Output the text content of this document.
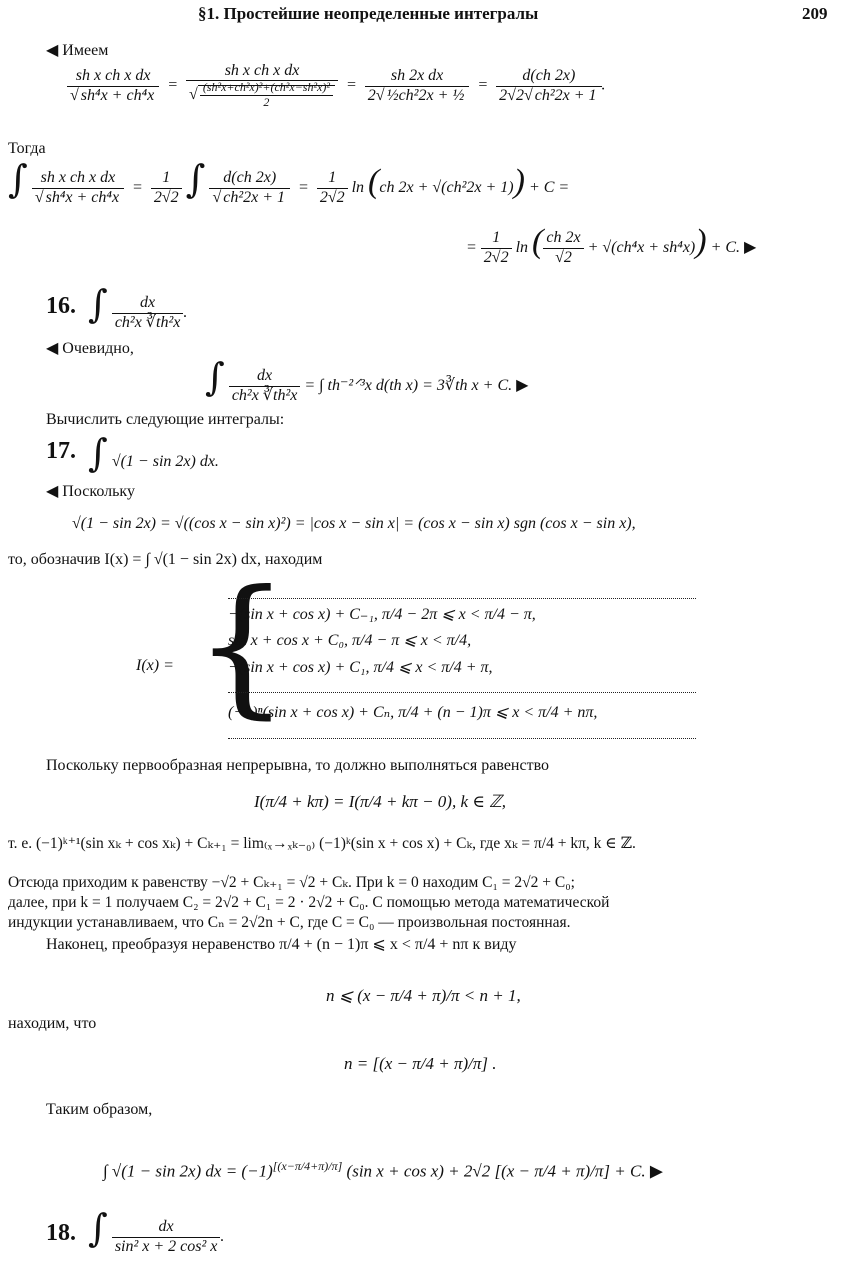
§1. Простейшие неопределенные интегралы	209
◀ Имеем
$\frac{\text{sh x ch x dx}}{\text{√ sh⁴x + ch⁴x}} = \frac{\text{sh x ch x dx}}{√ \frac{\text{(sh²x+ch²x)²+(ch²x−sh²x)²}}{2}} = \frac{\text{sh 2x dx}}{\text{2√ ½ch²2x + ½}} = \frac{d(ch 2x)}{\text{2√2√ ch²2x + 1}}$ .
Тогда
∫ $\frac{\text{sh x ch x dx}}{\text{√ sh⁴x + ch⁴x}} = \frac{1}{2√2}$ ∫ $\frac{d(ch 2x)}{\text{√ ch²2x + 1}} = \frac{1}{2√2}$ ln (ch 2x + √(ch²2x + 1)) + C =
= $\frac{1}{2√2}$ ln ( $\frac{ch 2x}{√2} + √(ch^4x + sh^4x)) + C$. ▶
16. ∫ $\frac{dx}{\text{ch²x ∛th²x}}$ .
◀ Очевидно,
∫ $\frac{dx}{\text{ch²x ∛th²x}}$ = ∫ th⁻²ᐟ³x d(th x) = 3∛th x + C. ▶
Вычислить следующие интегралы:
17. ∫ √(1 − sin 2x) dx.
◀ Поскольку
√(1 − sin 2x) = √((cos x − sin x)²) = |cos x − sin x| = (cos x − sin x) sgn (cos x − sin x),
то, обозначив I(x) = ∫ √(1 − sin 2x) dx, находим
I(x) = {
−(sin x + cos x) + C₋₁, π/4 − 2π ⩽ x < π/4 − π,
sin x + cos x + C₀, π/4 − π ⩽ x < π/4,
−(sin x + cos x) + C₁, π/4 ⩽ x < π/4 + π,
(−1)ⁿ(sin x + cos x) + Cₙ, π/4 + (n − 1)π ⩽ x < π/4 + nπ,
Поскольку первообразная непрерывна, то должно выполняться равенство
I(π/4 + kπ) = I(π/4 + kπ − 0), k ∈ ℤ,
т. е. (−1)ᵏ⁺¹(sin xₖ + cos xₖ) + Cₖ₊₁ = lim₍ₓ→ₓₖ₋₀₎ (−1)ᵏ(sin x + cos x) + Cₖ, где xₖ = π/4 + kπ, k ∈ ℤ.
Отсюда приходим к равенству −√2 + Cₖ₊₁ = √2 + Cₖ. При k = 0 находим C₁ = 2√2 + C₀;
далее, при k = 1 получаем C₂ = 2√2 + C₁ = 2 · 2√2 + C₀. С помощью метода математической
индукции устанавливаем, что Cₙ = 2√2n + C, где C = C₀ — произвольная постоянная.
Наконец, преобразуя неравенство π/4 + (n − 1)π ⩽ x < π/4 + nπ к виду
n ⩽ (x − π/4 + π)/π < n + 1,
находим, что
n = [(x − π/4 + π)/π] .
Таким образом,
∫ √(1 − sin 2x) dx = (−1)[(x−π/4+π)/π] (sin x + cos x) + 2√2 [(x − π/4 + π)/π] + C. ▶
18. ∫ $\frac{dx}{\text{sin² x + 2 cos² x}}$ .
